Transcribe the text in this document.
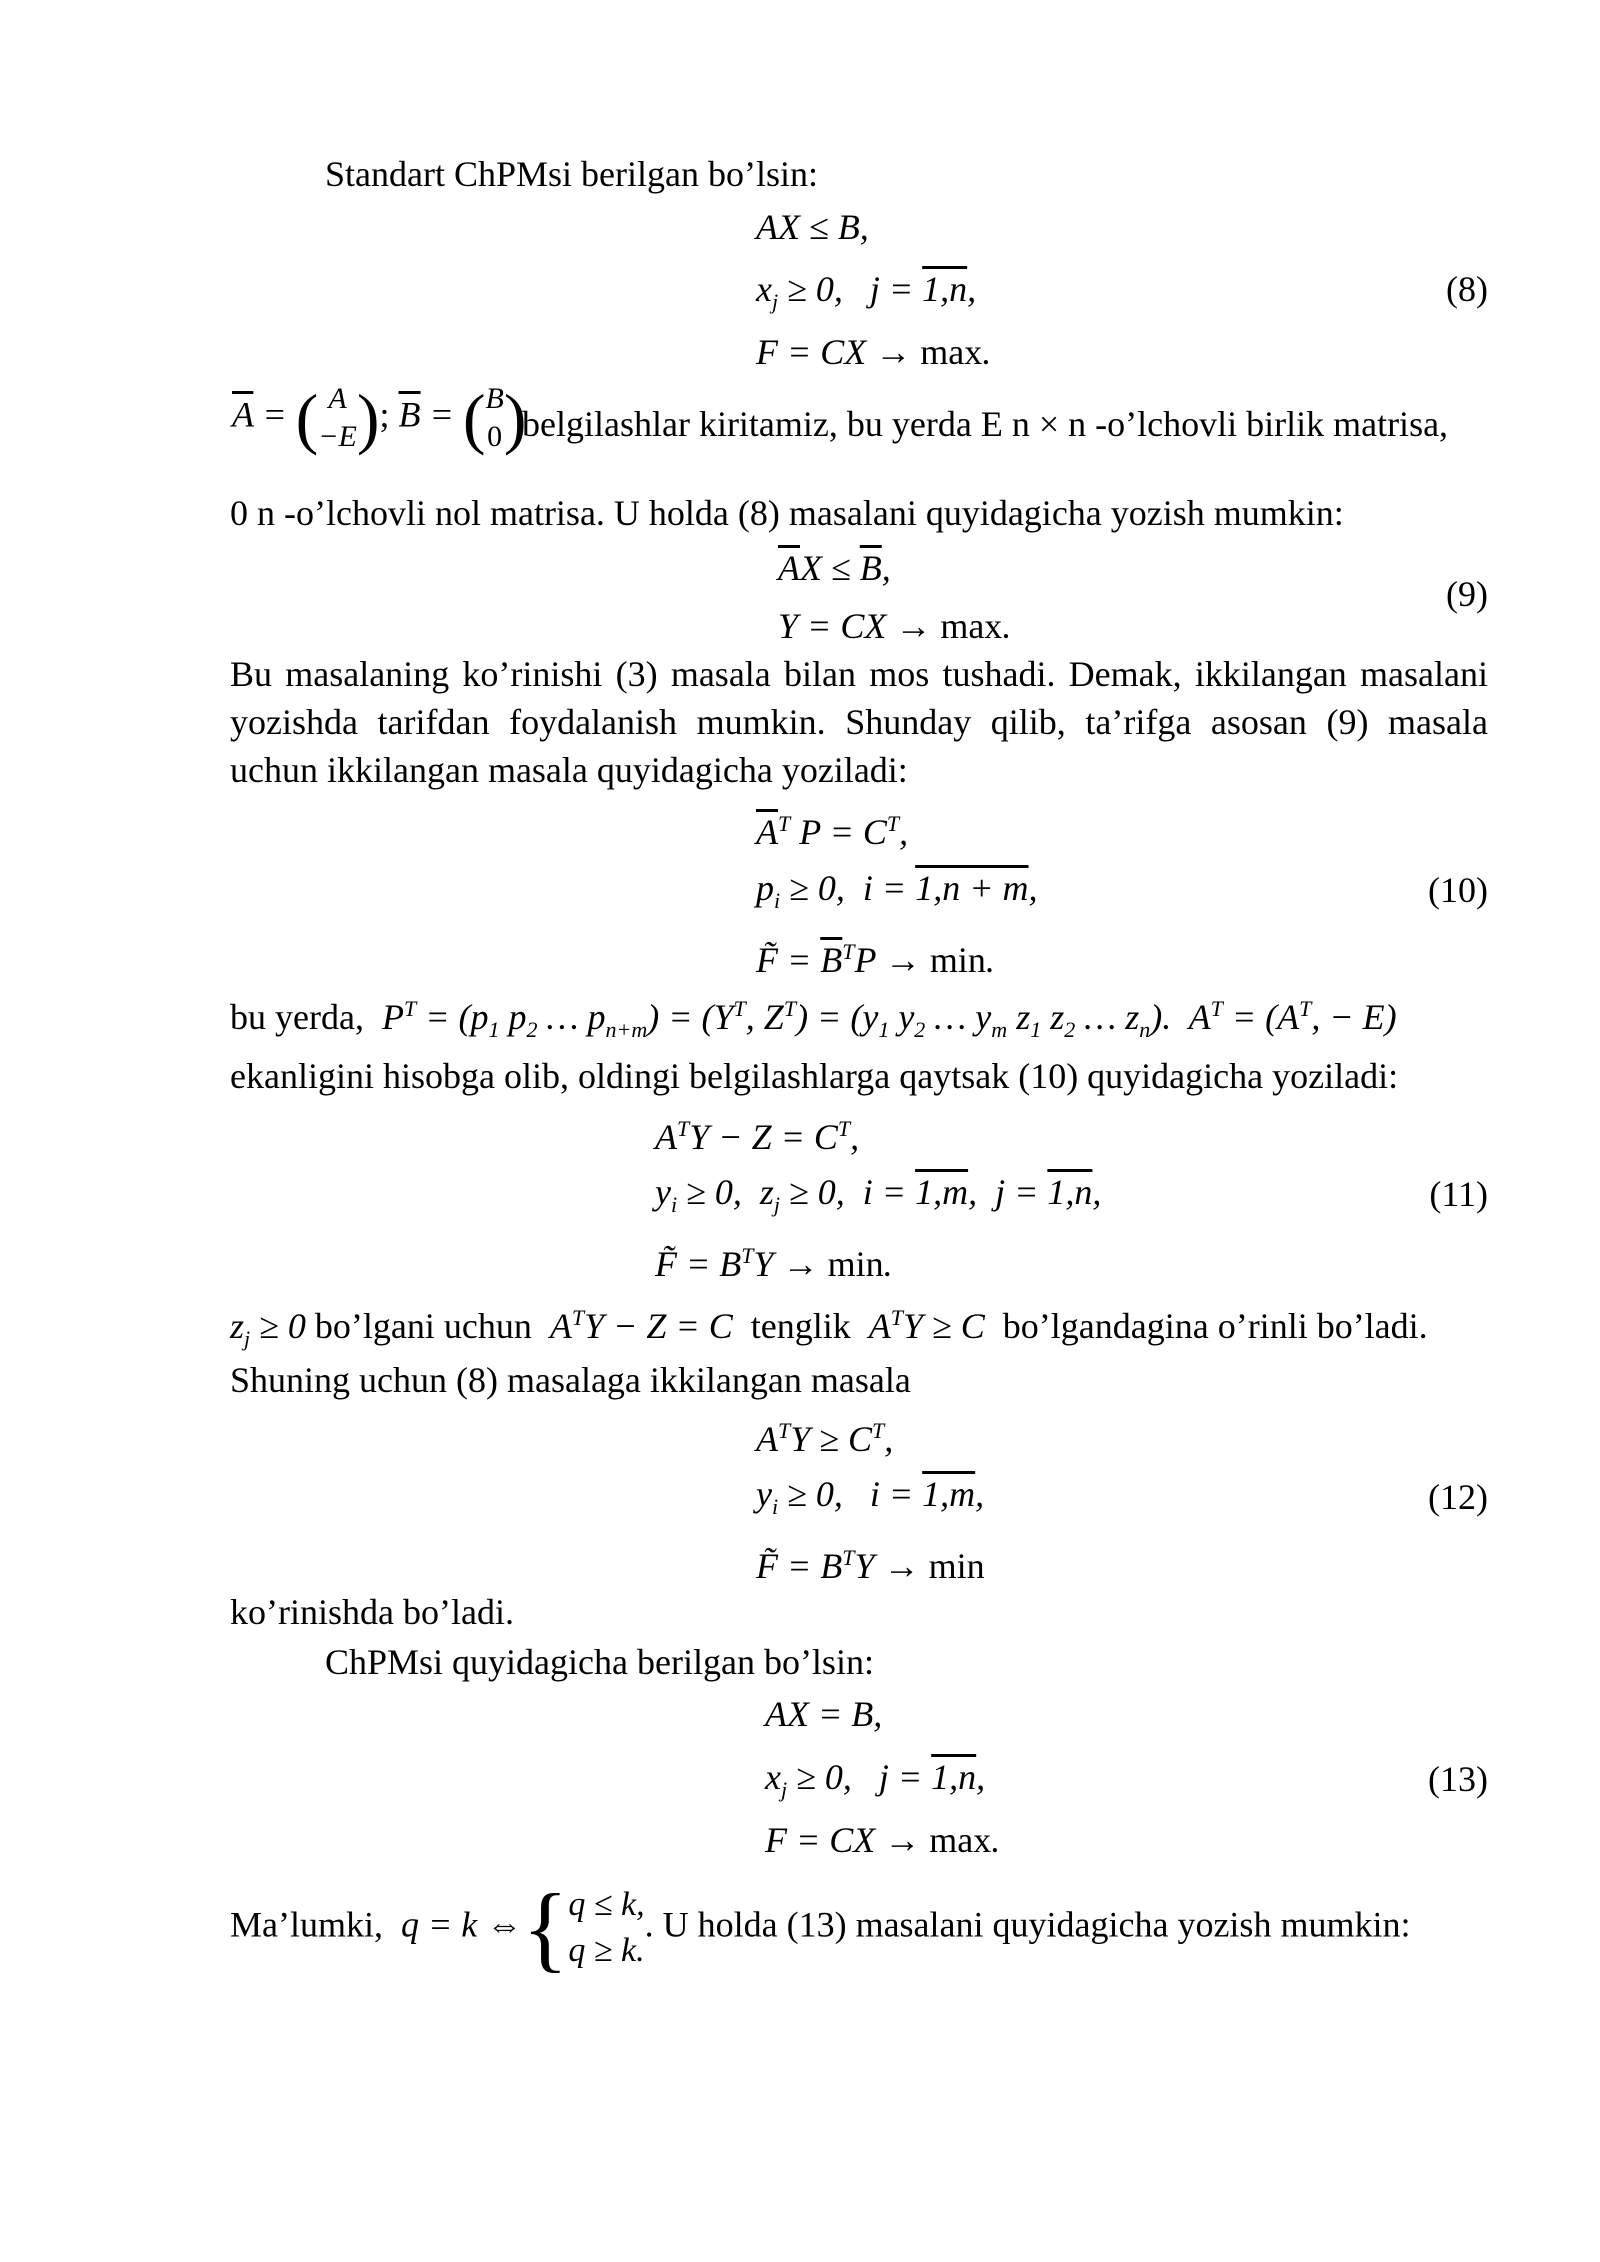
Standart ChPMsi berilgan bo’lsin:
AX ≤ B,
$x_j \ge 0$,   j = 1,n,
F = CX → max.
(8)
$\overline{A}$ = ( A
−E); $\overline{B} = (B$
0)
belgilashlar kiritamiz, bu yerda E n × n -o’lchovli birlik matrisa,
0 n -o’lchovli nol matrisa. U holda (8) masalani quyidagicha yozish mumkin:
$\overline{A}X \le \overline{B}$,
Y = CX → max.
(9)
Bu masalaning ko’rinishi (3) masala bilan mos tushadi. Demak, ikkilangan masalani yozishda tarifdan foydalanish mumkin. Shunday qilib, ta’rifga asosan (9) masala uchun ikkilangan masala quyidagicha yoziladi:
$\overline{A}^T$ $P = C^T$,
$p_i \ge 0$,  i = 1,n + m,
F̃ = $\overline{B}^TP \to \min$.
(10)
bu yerda,  $P^T = (p_1$ $p_2$ … $p_{n+m}) = (Y^T$, $Z^T) = (y_1$ $y_2$ … $y_m$ $z_1$ $z_2$ … $z_n$).  $A^T = (A^T$, − E)
ekanligini hisobga olib, oldingi belgilashlarga qaytsak (10) quyidagicha yoziladi:
$A^TY - Z = C^T$,
$y_i \ge 0$,  $z_j \ge 0$,  i = 1,m,  j = 1,n,
F̃ = $B^TY \to \min$.
(11)
$z_j \ge 0$ bo’lgani uchun  $A^TY - Z = C$  tenglik  $A^TY \ge C$  bo’lgandagina o’rinli bo’ladi.
Shuning uchun (8) masalaga ikkilangan masala
$A^TY \ge C^T$,
$y_i \ge 0$,   i = 1,m,
F̃ = $B^TY \to \min$
(12)
ko’rinishda bo’ladi.
ChPMsi quyidagicha berilgan bo’lsin:
AX = B,
$x_j \ge 0$,   j = 1,n,
F = CX → max.
(13)
Ma’lumki,  q = k ⇔{q ≤ k,
q ≥ k.. U holda (13) masalani quyidagicha yozish mumkin:
